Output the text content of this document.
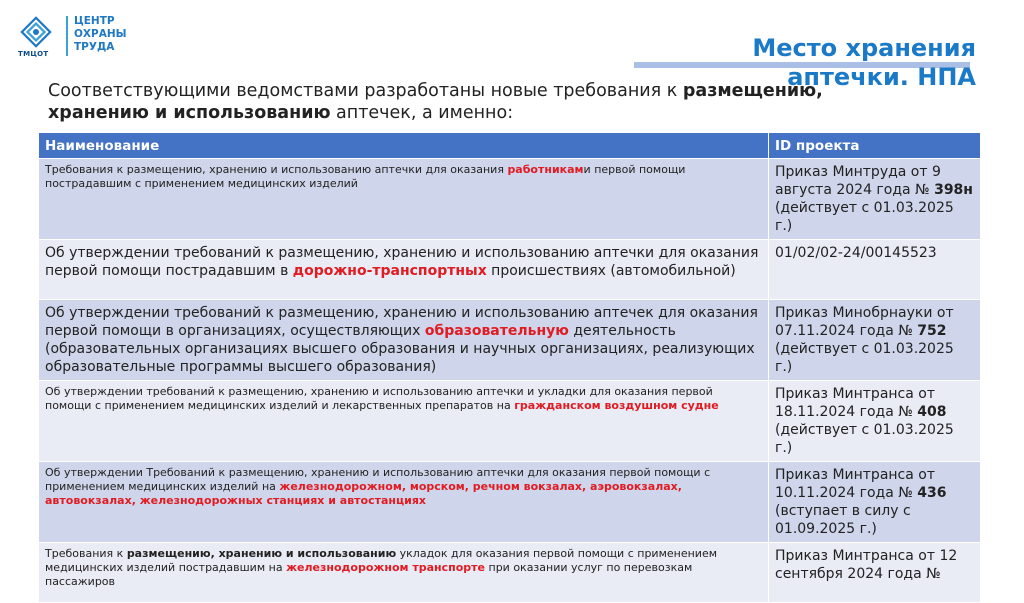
ТМЦОТ
ЦЕНТР
ОХРАНЫ
ТРУДА	Место хранения
аптечки. НПА
Соответствующими ведомствами разработаны новые требования к размещению, хранению и использованию аптечек, а именно:
Наименование	ID проекта
Требования к размещению, хранению и использованию аптечки для оказания работниками первой помощи пострадавшим с применением медицинских изделий	Приказ Минтруда от 9 августа 2024 года № 398н (действует с 01.03.2025 г.)
Об утверждении требований к размещению, хранению и использованию аптечки для оказания первой помощи пострадавшим в дорожно-транспортных происшествиях (автомобильной)	01/02/02-24/00145523
Об утверждении требований к размещению, хранению и использованию аптечек для оказания первой помощи в организациях, осуществляющих образовательную деятельность (образовательных организациях высшего образования и научных организациях, реализующих образовательные программы высшего образования)	Приказ Минобрнауки от 07.11.2024 года № 752 (действует с 01.03.2025 г.)
Об утверждении требований к размещению, хранению и использованию аптечки и укладки для оказания первой помощи с применением медицинских изделий и лекарственных препаратов на гражданском воздушном судне	Приказ Минтранса от 18.11.2024 года № 408 (действует с 01.03.2025 г.)
Об утверждении Требований к размещению, хранению и использованию аптечки для оказания первой помощи с применением медицинских изделий на железнодорожном, морском, речном вокзалах, аэровокзалах, автовокзалах, железнодорожных станциях и автостанциях	Приказ Минтранса от 10.11.2024 года № 436 (вступает в силу с 01.09.2025 г.)
Требования к размещению, хранению и использованию укладок для оказания первой помощи с применением медицинских изделий пострадавшим на железнодорожном транспорте при оказании услуг по перевозкам пассажиров	Приказ Минтранса от 12 сентября 2024 года №
